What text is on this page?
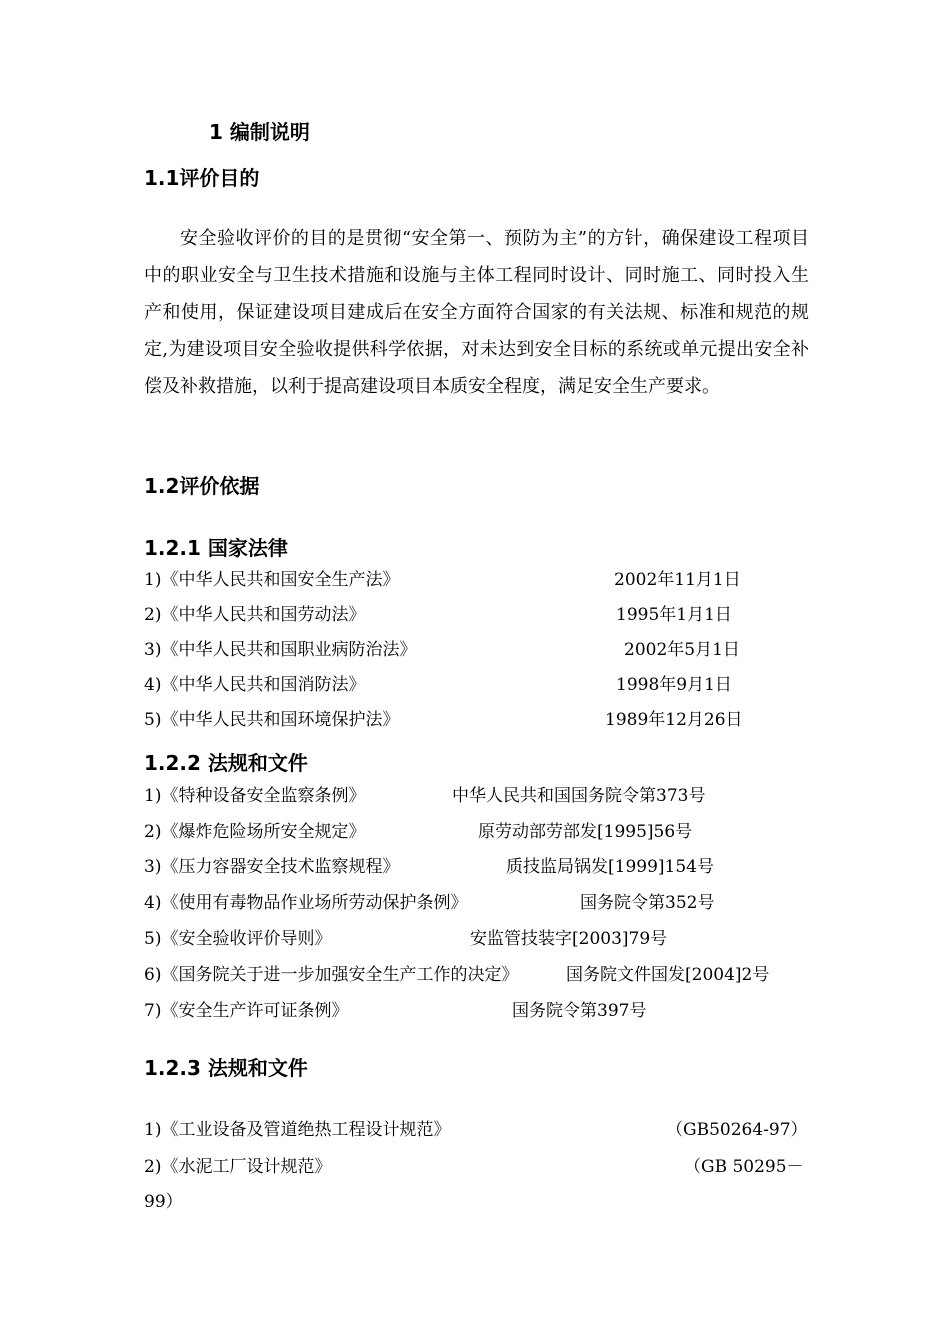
1 编制说明
1.1评价目的

安全验收评价的目的是贯彻“安全第一、预防为主”的方针，确保建设工程项目中的职业安全与卫生技术措施和设施与主体工程同时设计、同时施工、同时投入生产和使用，保证建设项目建成后在安全方面符合国家的有关法规、标准和规范的规定,为建设项目安全验收提供科学依据，对未达到安全目标的系统或单元提出安全补偿及补救措施，以利于提高建设项目本质安全程度，满足安全生产要求。

1.2评价依据
1.2.1 国家法律
1)《中华人民共和国安全生产法》	2002年11月1日
2)《中华人民共和国劳动法》	1995年1月1日
3)《中华人民共和国职业病防治法》	2002年5月1日
4)《中华人民共和国消防法》	1998年9月1日
5)《中华人民共和国环境保护法》	1989年12月26日
1.2.2 法规和文件
1)《特种设备安全监察条例》	中华人民共和国国务院令第373号
2)《爆炸危险场所安全规定》	原劳动部劳部发[1995]56号
3)《压力容器安全技术监察规程》	质技监局锅发[1999]154号
4)《使用有毒物品作业场所劳动保护条例》	国务院令第352号
5)《安全验收评价导则》	安监管技装字[2003]79号
6)《国务院关于进一步加强安全生产工作的决定》	国务院文件国发[2004]2号
7)《安全生产许可证条例》	国务院令第397号
1.2.3 法规和文件
1)《工业设备及管道绝热工程设计规范》	（GB50264-97）
2)《水泥工厂设计规范》	（GB 50295－
99）
